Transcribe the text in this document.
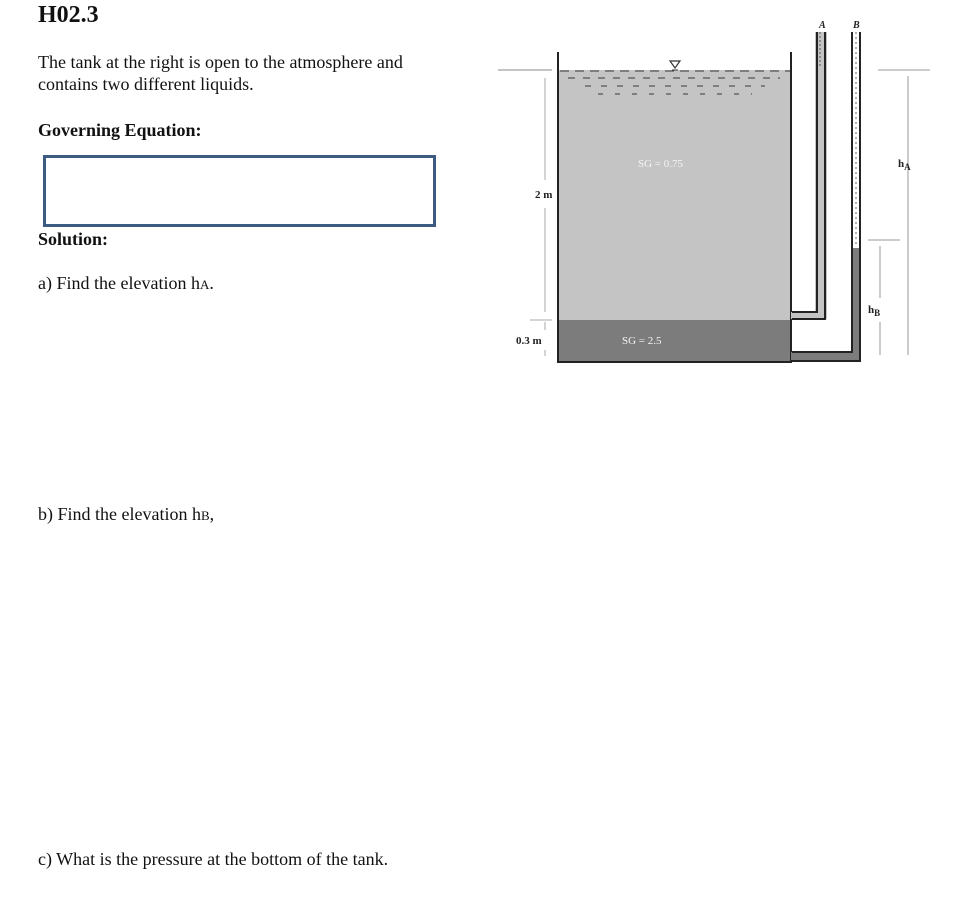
H02.3
The tank at the right is open to the atmosphere and contains two different liquids.
Governing Equation:
Solution:
a) Find the elevation hA.
b) Find the elevation hB,
c) What is the pressure at the bottom of the tank.
2 m
0.3 m
SG = 0.75
SG = 2.5
A	B
$h_A$
$h_B$
